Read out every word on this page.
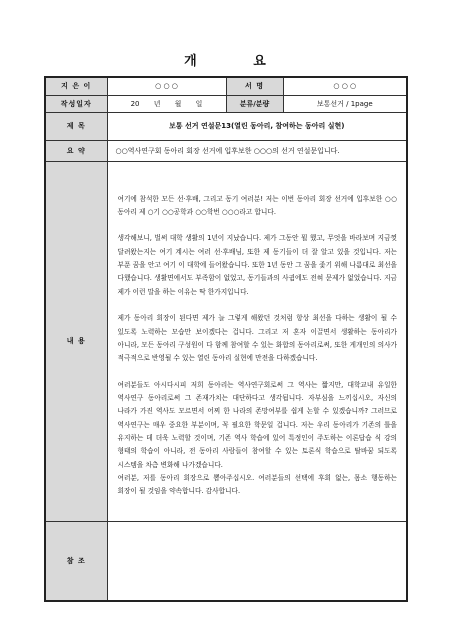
개 요
지 은 이	○ ○ ○	서 명	○ ○ ○
작성일자	20 년 월 일	분류/분량	보통선거 / 1page
제 목	보통 선거 연설문13(열린 동아리, 참여하는 동아리 실현)		
요 약	○○역사연구회 동아리 회장 선거에 입후보한 ○○○의 선거 연설문입니다.		
내 용	여기에 참석한 모든 선·후배, 그리고 동기 여러분! 저는 이번 동아리 회장 선거에 입후보한 ○○동아리 제 ○기 ○○공학과 ○○학번 ○○○라고 합니다.

생각해보니, 벌써 대학 생활의 1년이 지났습니다. 제가 그동안 뭘 했고, 무엇을 바라보며 지금껏 달려왔는지는 여기 계시는 여러 선·후배님, 또한 제 동기들이 더 잘 알고 있을 것입니다. 저는 부푼 꿈을 안고 여기 이 대학에 들어왔습니다. 또한 1년 동안 그 꿈을 좇기 위해 나름대로 최선을 다했습니다. 생활면에서도 부족함이 없었고, 동기들과의 사귐에도 전혀 문제가 없었습니다. 지금 제가 이런 말을 하는 이유는 딱 한가지입니다.

제가 동아리 회장이 된다면 제가 늘 그렇게 해왔던 것처럼 항상 최선을 다하는 생활이 될 수 있도록 노력하는 모습만 보이겠다는 겁니다. 그리고 저 혼자 이끌면서 생활하는 동아리가 아니라, 모든 동아리 구성원이 다 함께 참여할 수 있는 화합의 동아리로써, 또한 게개인의 의사가 적극적으로 반영될 수 있는 열린 동아리 실현에 만전을 다하겠습니다.

여러분들도 아시다시피 저희 동아리는 역사연구회로써 그 역사는 짧지만, 대학교내 유일한 역사연구 동아리로써 그 존재가치는 대단하다고 생각됩니다. 자부심을 느끼십시오, 자신의 나라가 가진 역사도 모르면서 어찌 한 나라의 존망여부를 쉽게 논할 수 있겠습니까? 그러므로 역사연구는 매우 중요한 부분이며, 꼭 필요한 학문일 겁니다. 저는 우리 동아리가 기존의 틀을 유지하는 데 더욱 노력할 것이며, 기존 역사 학습에 있어 특정인이 주도하는 이론답습 식 강의 형태의 학습이 아니라, 전 동아리 사람들이 참여할 수 있는 토론식 학습으로 탈바꿈 되도록 시스템을 차츰 변화해 나가겠습니다.

여러분, 저를 동아리 회장으로 뽑아주십시오. 여러분들의 선택에 후회 없는, 몸소 행동하는 회장이 될 것임을 약속합니다. 감사합니다.		

참 조			
